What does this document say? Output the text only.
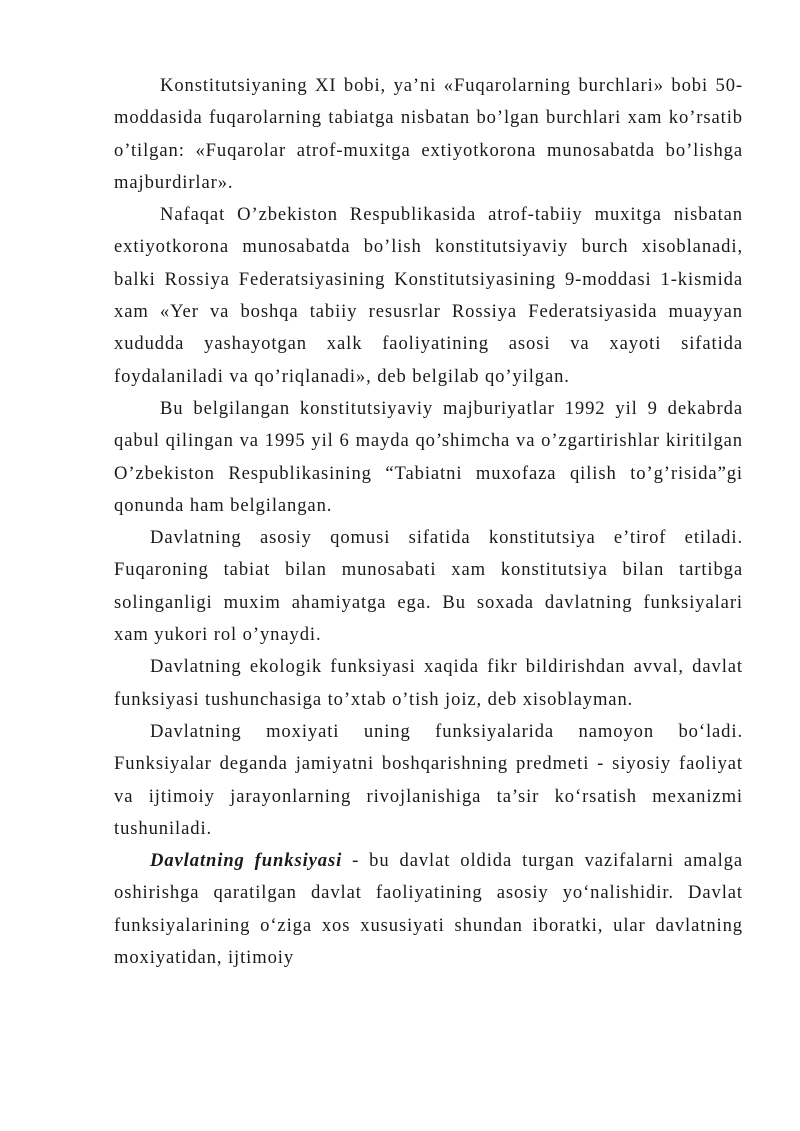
Konstitutsiyaning XI bobi, ya’ni «Fuqarolarning burchlari» bobi 50-moddasida fuqarolarning tabiatga nisbatan bo’lgan burchlari xam ko’rsatib o’tilgan: «Fuqarolar atrof-muxitga extiyotkorona munosabatda bo’lishga majburdirlar».

Nafaqat O’zbekiston Respublikasida atrof-tabiiy muxitga nisbatan extiyotkorona munosabatda bo’lish konstitutsiyaviy burch xisoblanadi, balki Rossiya Federatsiyasining Konstitutsiyasining 9-moddasi 1-kismida xam «Yer va boshqa tabiiy resusrlar Rossiya Federatsiyasida muayyan xududda yashayotgan xalk faoliyatining asosi va xayoti sifatida foydalaniladi va qo’riqlanadi», deb belgilab qo’yilgan.

Bu belgilangan konstitutsiyaviy majburiyatlar 1992 yil 9 dekabrda qabul qilingan va 1995 yil 6 mayda qo’shimcha va o’zgartirishlar kiritilgan O’zbekiston Respublikasining “Tabiatni muxofaza qilish to’g’risida”gi qonunda ham belgilangan.

Davlatning asosiy qomusi sifatida konstitutsiya e’tirof etiladi. Fuqaroning tabiat bilan munosabati xam konstitutsiya bilan tartibga solinganligi muxim ahamiyatga ega. Bu soxada davlatning funksiyalari xam yukori rol o’ynaydi.

Davlatning ekologik funksiyasi xaqida fikr bildirishdan avval, davlat funksiyasi tushunchasiga to’xtab o’tish joiz, deb xisoblayman.

Davlatning moxiyati uning funksiyalarida namoyon bo‘ladi. Funksiyalar deganda jamiyatni boshqarishning predmeti - siyosiy faoliyat va ijtimoiy jarayonlarning rivojlanishiga ta’sir ko‘rsatish mexanizmi tushuniladi.

Davlatning funksiyasi - bu davlat oldida turgan vazifalarni amalga oshirishga qaratilgan davlat faoliyatining asosiy yo‘nalishidir. Davlat funksiyalarining o‘ziga xos xususiyati shundan iboratki, ular davlatning moxiyatidan, ijtimoiy
